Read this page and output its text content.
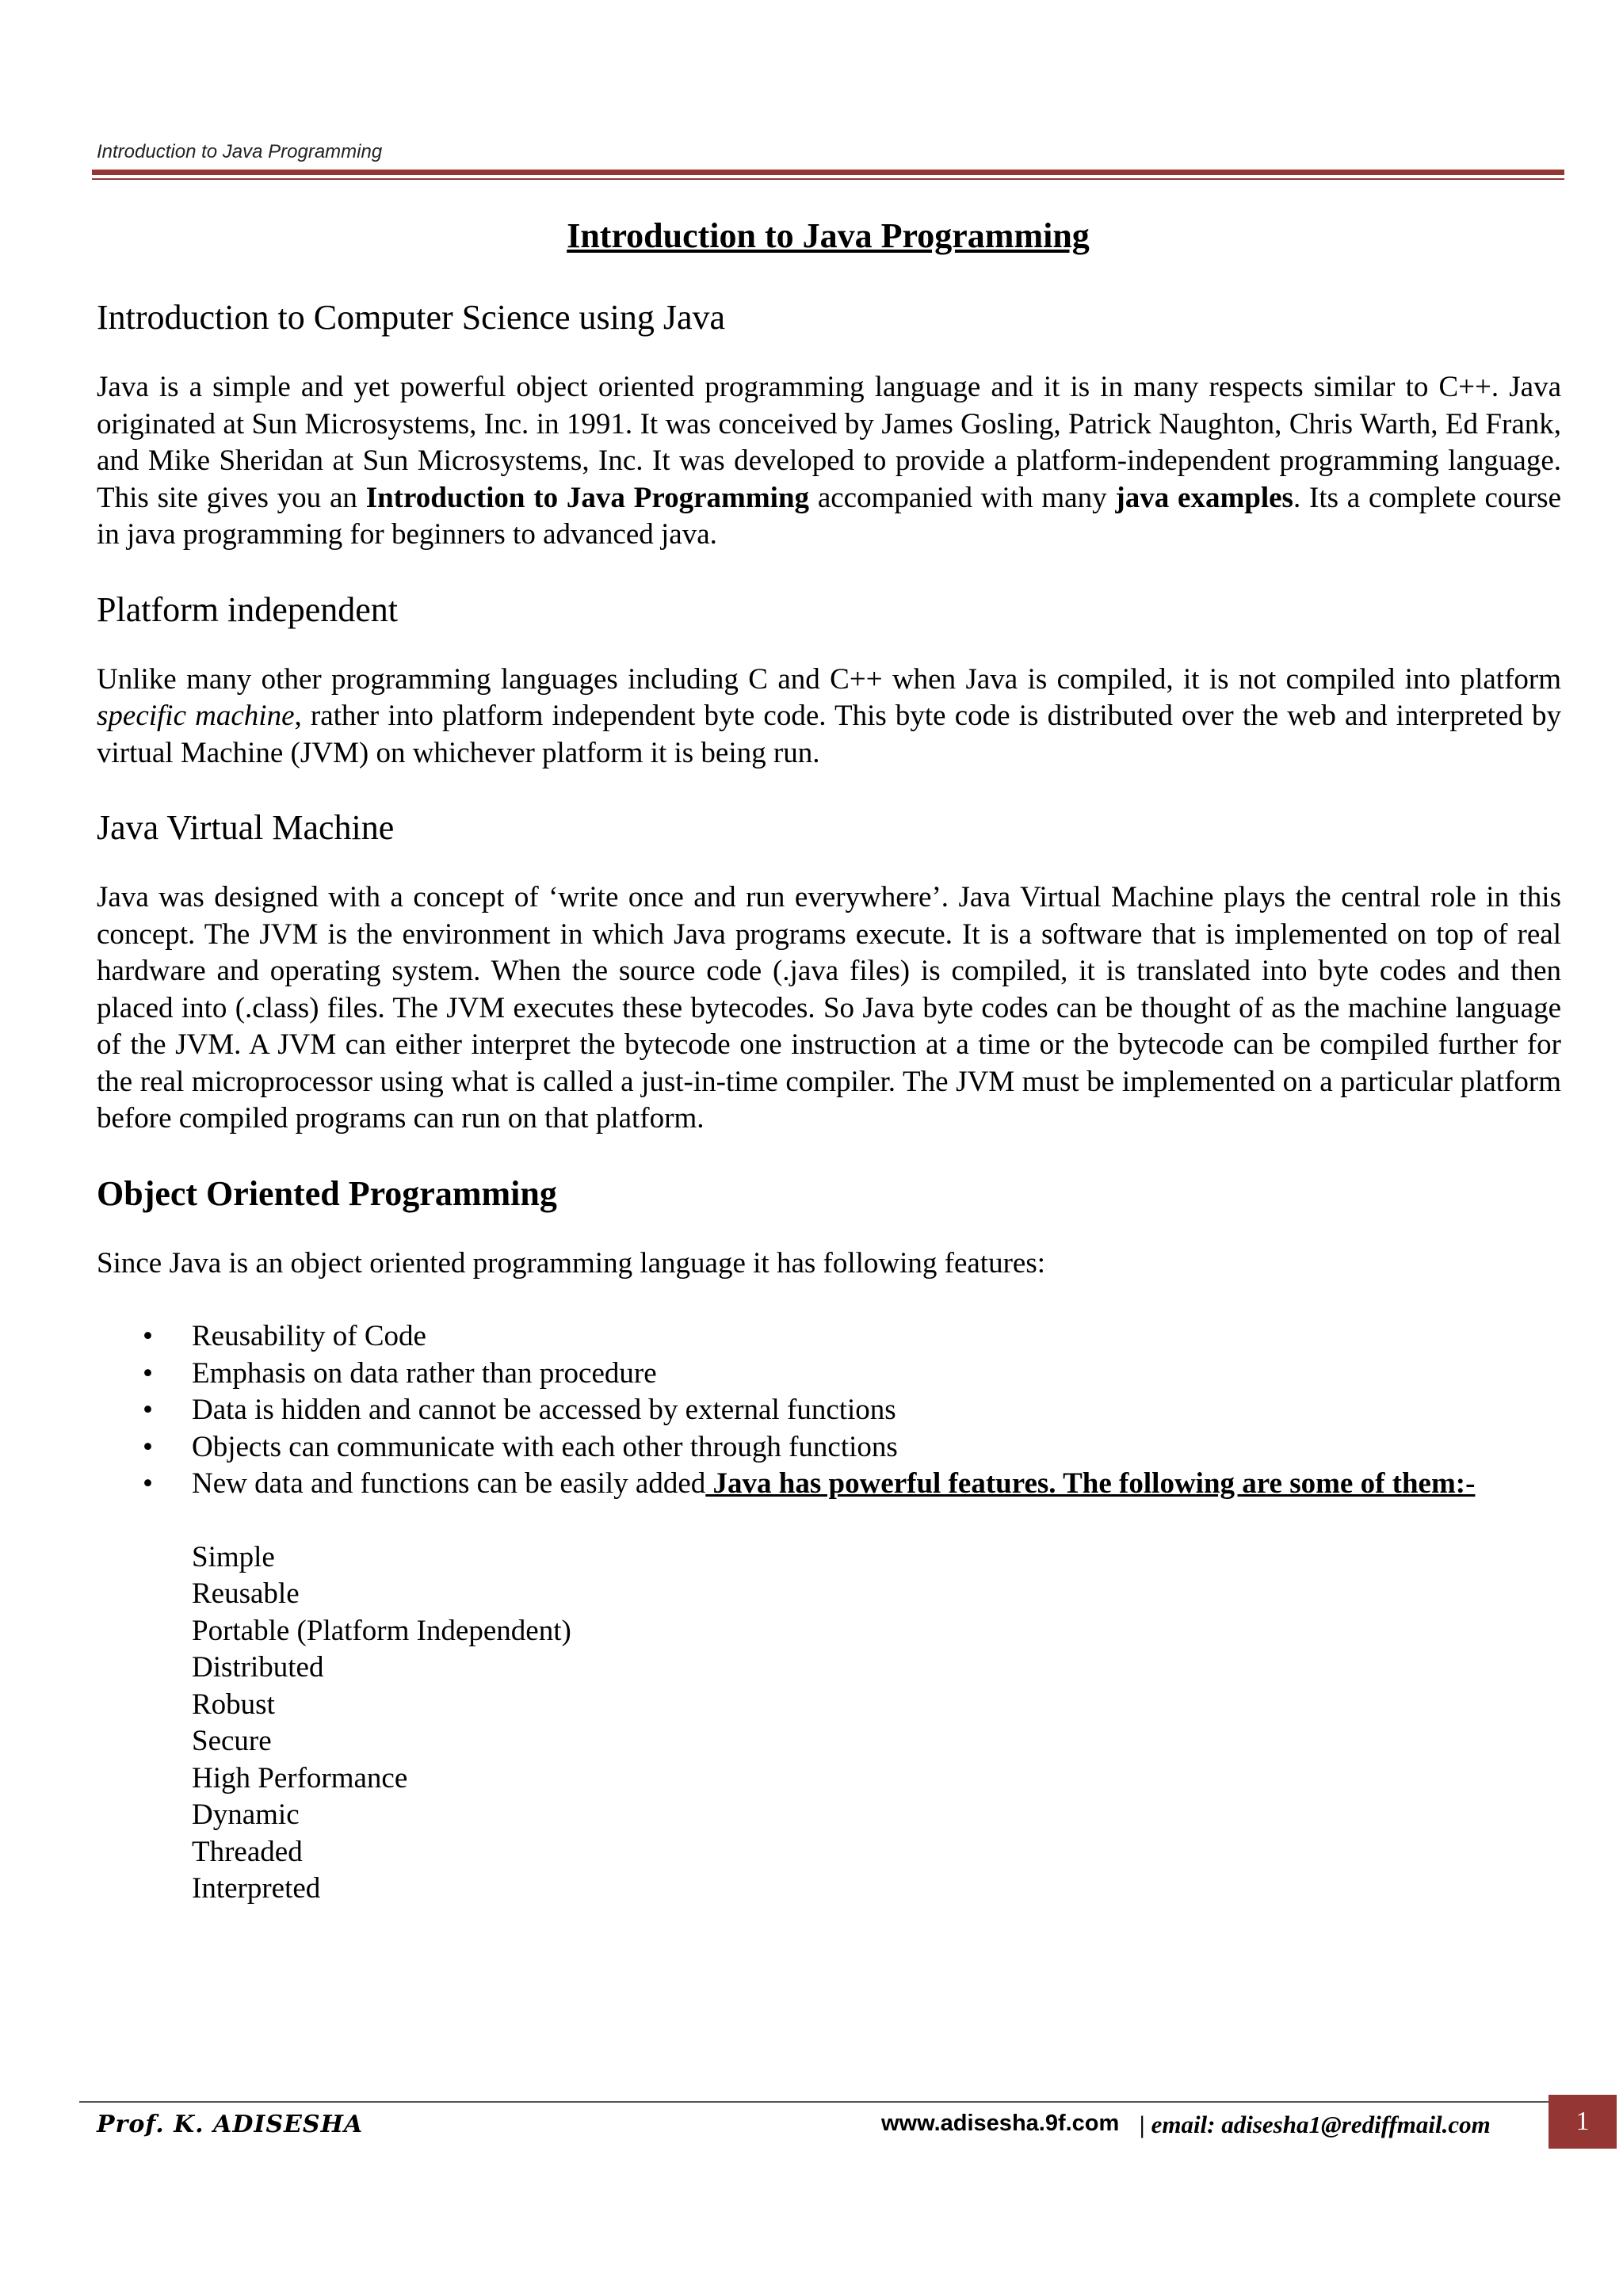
Introduction to Java Programming
Introduction to Java Programming
Introduction to Computer Science using Java

Java is a simple and yet powerful object oriented programming language and it is in many respects similar to C++. Java originated at Sun Microsystems, Inc. in 1991. It was conceived by James Gosling, Patrick Naughton, Chris Warth, Ed Frank, and Mike Sheridan at Sun Microsystems, Inc. It was developed to provide a platform-independent programming language. This site gives you an Introduction to Java Programming accompanied with many java examples. Its a complete course in java programming for beginners to advanced java.

Platform independent

Unlike many other programming languages including C and C++ when Java is compiled, it is not compiled into platform specific machine, rather into platform independent byte code. This byte code is distributed over the web and interpreted by virtual Machine (JVM) on whichever platform it is being run.

Java Virtual Machine

Java was designed with a concept of ‘write once and run everywhere’. Java Virtual Machine plays the central role in this concept. The JVM is the environment in which Java programs execute. It is a software that is implemented on top of real hardware and operating system. When the source code (.java files) is compiled, it is translated into byte codes and then placed into (.class) files. The JVM executes these bytecodes. So Java byte codes can be thought of as the machine language of the JVM. A JVM can either interpret the bytecode one instruction at a time or the bytecode can be compiled further for the real microprocessor using what is called a just-in-time compiler. The JVM must be implemented on a particular platform before compiled programs can run on that platform.

Object Oriented Programming

Since Java is an object oriented programming language it has following features:

• Reusability of Code
• Emphasis on data rather than procedure
• Data is hidden and cannot be accessed by external functions
• Objects can communicate with each other through functions
• New data and functions can be easily added Java has powerful features. The following are some of them:-
Simple
Reusable
Portable (Platform Independent)
Distributed
Robust
Secure
High Performance
Dynamic
Threaded
Interpreted
Prof. K. ADISESHA	www.adisesha.9f.com | email: adisesha1@rediffmail.com	1
